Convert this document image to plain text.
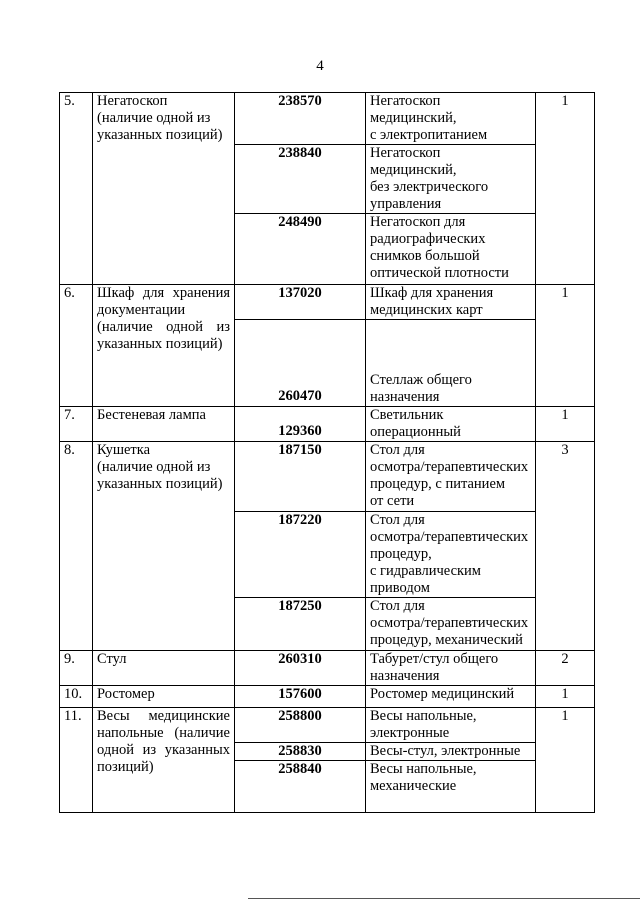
4
5.	Негатоскоп
(наличие одной из указанных позиций)	238570	Негатоскоп
медицинский,
с электропитанием	1
		238840	Негатоскоп
медицинский,
без электрического
управления	
		248490	Негатоскоп для
радиографических
снимков большой
оптической плотности	
6.	Шкаф для хранения документации (наличие одной из указанных позиций)	137020	Шкаф для хранения
медицинских карт	1
		260470	Стеллаж общего
назначения	
7.	Бестеневая лампа	129360	Светильник
операционный	1
8.	Кушетка
(наличие одной из указанных позиций)	187150	Стол для
осмотра/терапевтических
процедур, с питанием
от сети	3
		187220	Стол для
осмотра/терапевтических
процедур,
с гидравлическим
приводом	
		187250	Стол для
осмотра/терапевтических
процедур, механический	
9.	Стул	260310	Табурет/стул общего
назначения	2
10.	Ростомер	157600	Ростомер медицинский	1
11.	Весы медицинские напольные (наличие одной из указанных позиций)	258800	Весы напольные,
электронные	1
		258830	Весы-стул, электронные	
		258840	Весы напольные,
механические	
